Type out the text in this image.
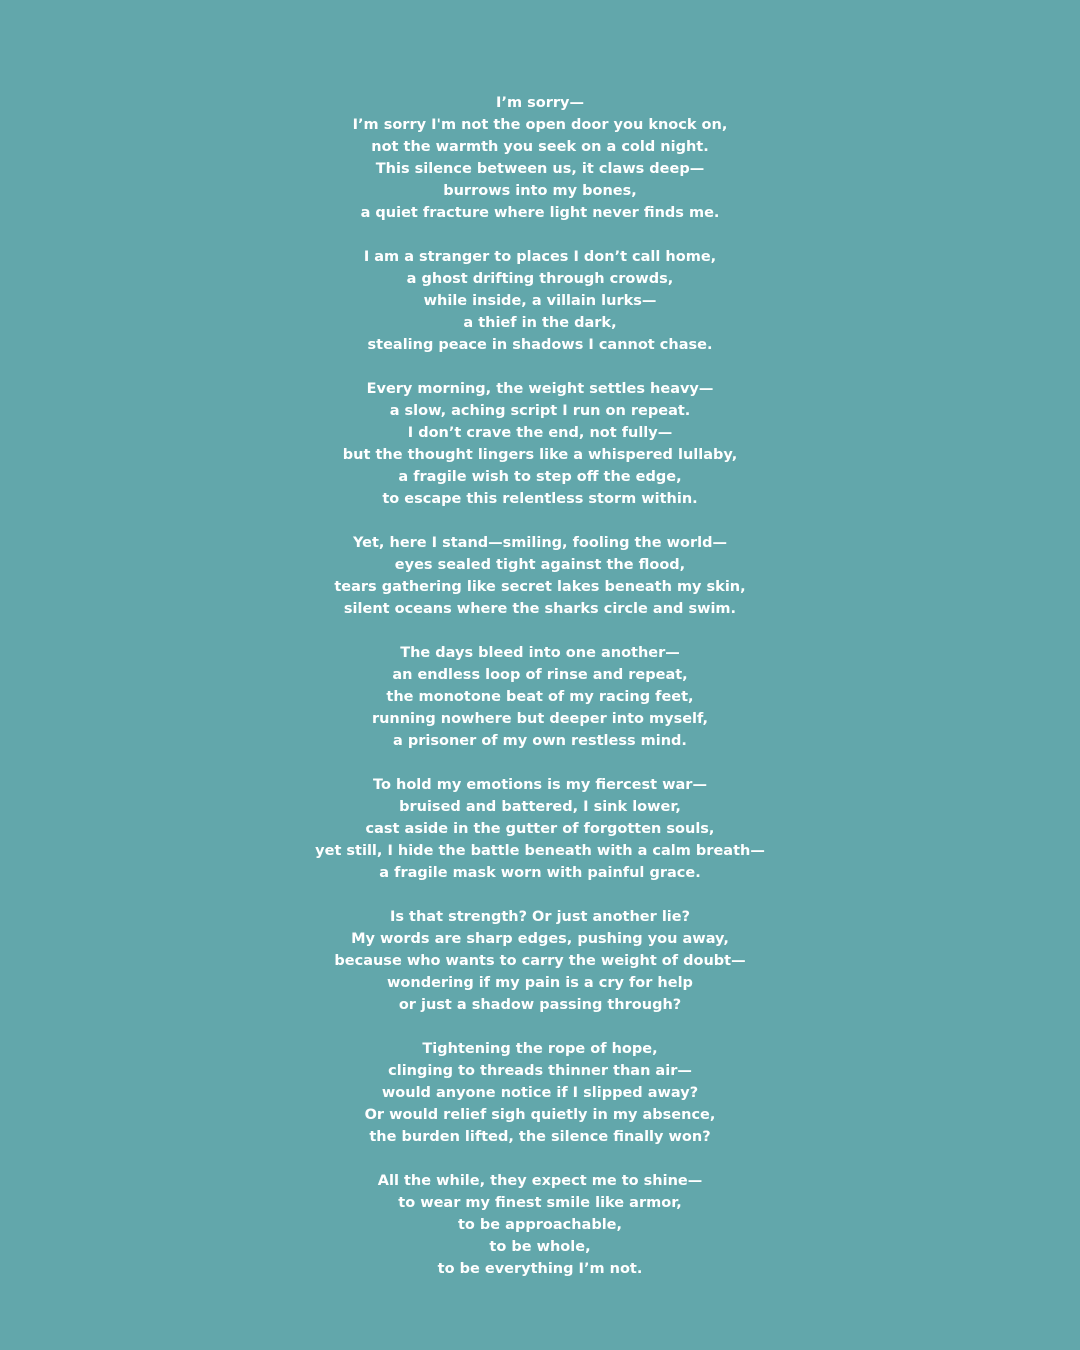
I’m sorry—
I’m sorry I'm not the open door you knock on,
not the warmth you seek on a cold night.
This silence between us, it claws deep—
burrows into my bones,
a quiet fracture where light never finds me.
I am a stranger to places I don’t call home,
a ghost drifting through crowds,
while inside, a villain lurks—
a thief in the dark,
stealing peace in shadows I cannot chase.
Every morning, the weight settles heavy—
a slow, aching script I run on repeat.
I don’t crave the end, not fully—
but the thought lingers like a whispered lullaby,
a fragile wish to step off the edge,
to escape this relentless storm within.
Yet, here I stand—smiling, fooling the world—
eyes sealed tight against the flood,
tears gathering like secret lakes beneath my skin,
silent oceans where the sharks circle and swim.
The days bleed into one another—
an endless loop of rinse and repeat,
the monotone beat of my racing feet,
running nowhere but deeper into myself,
a prisoner of my own restless mind.
To hold my emotions is my fiercest war—
bruised and battered, I sink lower,
cast aside in the gutter of forgotten souls,
yet still, I hide the battle beneath with a calm breath—
a fragile mask worn with painful grace.
Is that strength? Or just another lie?
My words are sharp edges, pushing you away,
because who wants to carry the weight of doubt—
wondering if my pain is a cry for help
or just a shadow passing through?
Tightening the rope of hope,
clinging to threads thinner than air—
would anyone notice if I slipped away?
Or would relief sigh quietly in my absence,
the burden lifted, the silence finally won?
All the while, they expect me to shine—
to wear my finest smile like armor,
to be approachable,
to be whole,
to be everything I’m not.
